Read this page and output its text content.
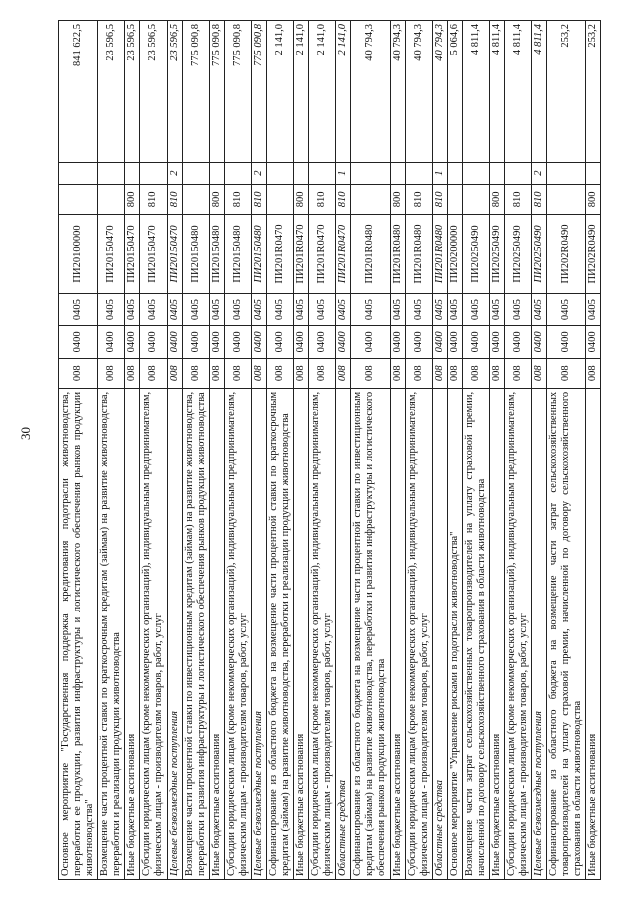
30	Основное мероприятие "Государственная поддержка кредитования подотрасли животноводства, переработки ее продукции, развития инфраструктуры и логистического обеспечения рынков продукции животноводства"	008	0400	0405	ПИ20100000			841 622,5
Возмещение части процентной ставки по краткосрочным кредитам (займам) на развитие животноводства, переработки и реализации продукции животноводства	008	0400	0405	ПИ20150470			23 596,5
Иные бюджетные ассигнования	008	0400	0405	ПИ20150470	800		23 596,5
Субсидии юридическим лицам (кроме некоммерческих организаций), индивидуальным предпринимателям, физическим лицам - производителям товаров, работ, услуг	008	0400	0405	ПИ20150470	810		23 596,5
Целевые безвозмездные поступления	008	0400	0405	ПИ20150470	810	2	23 596,5
Возмещение части процентной ставки по инвестиционным кредитам (займам) на развитие животноводства, переработки и развития инфраструктуры и логистического обеспечения рынков продукции животноводства	008	0400	0405	ПИ20150480			775 090,8
Иные бюджетные ассигнования	008	0400	0405	ПИ20150480	800		775 090,8
Субсидии юридическим лицам (кроме некоммерческих организаций), индивидуальным предпринимателям, физическим лицам - производителям товаров, работ, услуг	008	0400	0405	ПИ20150480	810		775 090,8
Целевые безвозмездные поступления	008	0400	0405	ПИ20150480	810	2	775 090,8
Софинансирование из областного бюджета на возмещение части процентной ставки по краткосрочным кредитам (займам) на развитие животноводства, переработки и реализации продукции животноводства	008	0400	0405	ПИ201R0470			2 141,0
Иные бюджетные ассигнования	008	0400	0405	ПИ201R0470	800		2 141,0
Субсидии юридическим лицам (кроме некоммерческих организаций), индивидуальным предпринимателям, физическим лицам - производителям товаров, работ, услуг	008	0400	0405	ПИ201R0470	810		2 141,0
Областные средства	008	0400	0405	ПИ201R0470	810	1	2 141,0
Софинансирование из областного бюджета на возмещение части процентной ставки по инвестиционным кредитам (займам) на развитие животноводства, переработки и развития инфраструктуры и логистического обеспечения рынков продукции животноводства	008	0400	0405	ПИ201R0480			40 794,3
Иные бюджетные ассигнования	008	0400	0405	ПИ201R0480	800		40 794,3
Субсидии юридическим лицам (кроме некоммерческих организаций), индивидуальным предпринимателям, физическим лицам - производителям товаров, работ, услуг	008	0400	0405	ПИ201R0480	810		40 794,3
Областные средства	008	0400	0405	ПИ201R0480	810	1	40 794,3
Основное мероприятие "Управление рисками в подотрасли животноводства"	008	0400	0405	ПИ20200000			5 064,6
Возмещение части затрат сельскохозяйственных товаропроизводителей на уплату страховой премии, начисленной по договору сельскохозяйственного страхования в области животноводства	008	0400	0405	ПИ20250490			4 811,4
Иные бюджетные ассигнования	008	0400	0405	ПИ20250490	800		4 811,4
Субсидии юридическим лицам (кроме некоммерческих организаций), индивидуальным предпринимателям, физическим лицам - производителям товаров, работ, услуг	008	0400	0405	ПИ20250490	810		4 811,4
Целевые безвозмездные поступления	008	0400	0405	ПИ20250490	810	2	4 811,4
Софинансирование из областного бюджета на возмещение части затрат сельскохозяйственных товаропроизводителей на уплату страховой премии, начисленной по договору сельскохозяйственного страхования в области животноводства	008	0400	0405	ПИ202R0490			253,2
Иные бюджетные ассигнования	008	0400	0405	ПИ202R0490	800		253,2
